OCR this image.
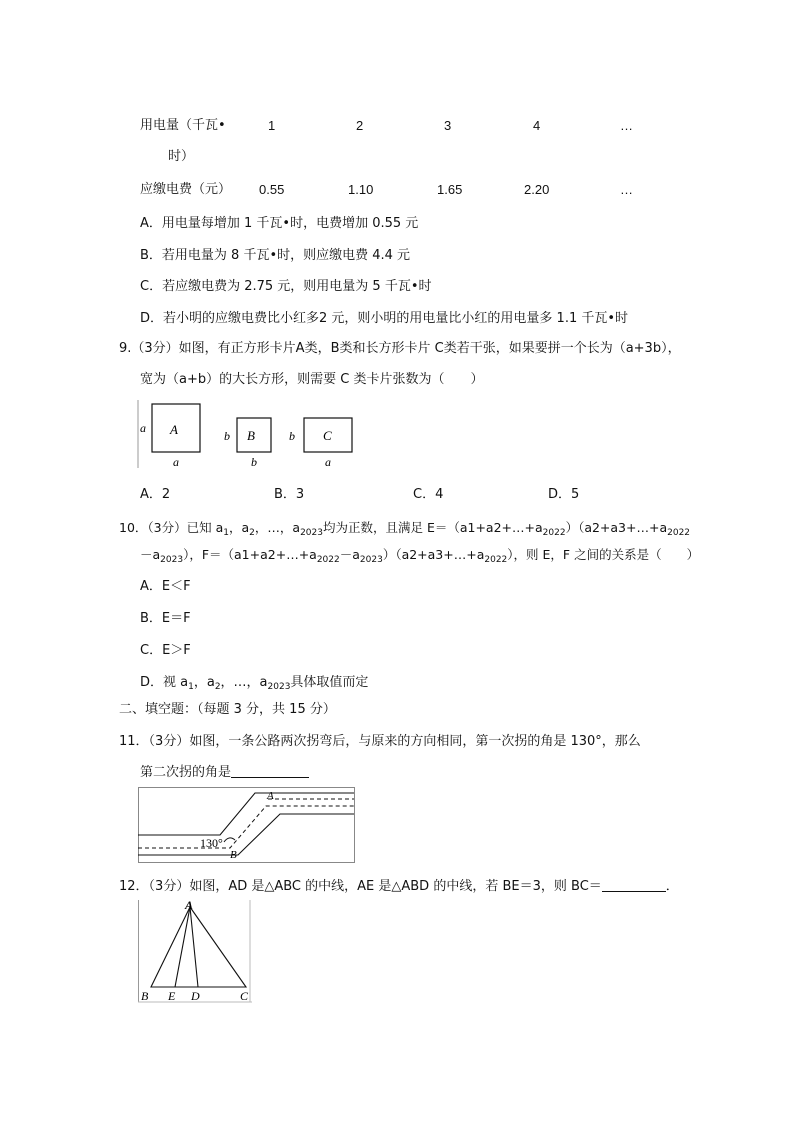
用电量（千瓦•
时）
1	2	3	4	…
应缴电费（元） 0.55	1.10	1.65	2.20	…
A．用电量每增加 1 千瓦•时，电费增加 0.55 元
B．若用电量为 8 千瓦•时，则应缴电费 4.4 元
C．若应缴电费为 2.75 元，则用电量为 5 千瓦•时
D．若小明的应缴电费比小红多2 元，则小明的用电量比小红的用电量多 1.1 千瓦•时
9.（3分）如图，有正方形卡片A类，B类和长方形卡片 C类若干张，如果要拼一个长为（a+3b），
宽为（a+b）的大长方形，则需要 C 类卡片张数为（　　）
A
a
a
B
b
b
C
b
a
A．2	B．3	C．4	D．5
10．（3分）已知 $a_1$，$a_2$，…，$a_{2023}$均为正数，且满足 $E=(a1+a2+\dots+a_{2022})(a2+a3+\dots+a_{2022}$
$-a_{2023}$），$F=(a1+a2+\dots+a_{2022}-a_{2023})(a2+a3+\dots+a_{2022})$，则 E，F 之间的关系是（　　）
A．E＜F
B．E＝F
C．E＞F
D．视 $a_1$，$a_2$，…，$a_{2023}$具体取值而定
二、填空题：（每题 3 分，共 15 分）
11．（3分）如图，一条公路两次拐弯后，与原来的方向相同，第一次拐的角是 130°，那么
第二次拐的角是
130°
A
B
12．（3分）如图，AD 是△ABC 的中线，AE 是△ABD 的中线，若 BE＝3，则 BC＝	．
A
B E D	C
